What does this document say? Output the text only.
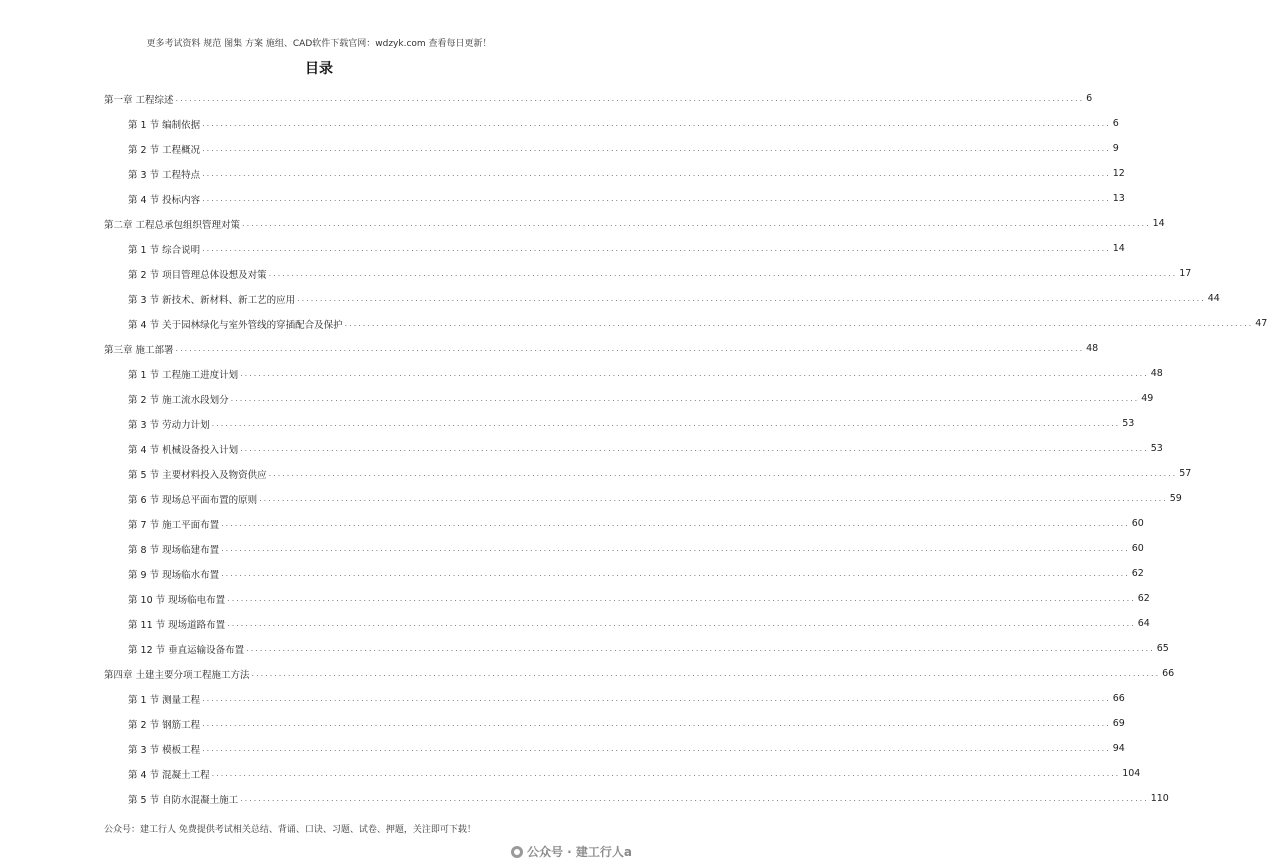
更多考试资料 规范 图集 方案 施组、CAD软件下载官网：wdzyk.com 查看每日更新！
目录
第一章 工程综述 ........................................................................................................................................................................................................ 6
第 1 节 编制依据 ........................................................................................................................................................................................................ 6
第 2 节 工程概况 ........................................................................................................................................................................................................ 9
第 3 节 工程特点 ........................................................................................................................................................................................................ 12
第 4 节 投标内容 ........................................................................................................................................................................................................ 13
第二章 工程总承包组织管理对策 ........................................................................................................................................................................................................ 14
第 1 节 综合说明 ........................................................................................................................................................................................................ 14
第 2 节 项目管理总体设想及对策 ........................................................................................................................................................................................................ 17
第 3 节 新技术、新材料、新工艺的应用 ........................................................................................................................................................................................................ 44
第 4 节 关于园林绿化与室外管线的穿插配合及保护 ........................................................................................................................................................................................................ 47
第三章 施工部署 ........................................................................................................................................................................................................ 48
第 1 节 工程施工进度计划 ........................................................................................................................................................................................................ 48
第 2 节 施工流水段划分 ........................................................................................................................................................................................................ 49
第 3 节 劳动力计划 ........................................................................................................................................................................................................ 53
第 4 节 机械设备投入计划 ........................................................................................................................................................................................................ 53
第 5 节 主要材料投入及物资供应 ........................................................................................................................................................................................................ 57
第 6 节 现场总平面布置的原则 ........................................................................................................................................................................................................ 59
第 7 节 施工平面布置 ........................................................................................................................................................................................................ 60
第 8 节 现场临建布置 ........................................................................................................................................................................................................ 60
第 9 节 现场临水布置 ........................................................................................................................................................................................................ 62
第 10 节 现场临电布置 ........................................................................................................................................................................................................ 62
第 11 节 现场道路布置 ........................................................................................................................................................................................................ 64
第 12 节 垂直运输设备布置 ........................................................................................................................................................................................................ 65
第四章 土建主要分项工程施工方法 ........................................................................................................................................................................................................ 66
第 1 节 测量工程 ........................................................................................................................................................................................................ 66
第 2 节 钢筋工程 ........................................................................................................................................................................................................ 69
第 3 节 模板工程 ........................................................................................................................................................................................................ 94
第 4 节 混凝土工程 ........................................................................................................................................................................................................ 104
第 5 节 自防水混凝土施工 ........................................................................................................................................................................................................ 110
公众号：建工行人 免费提供考试相关总结、背诵、口诀、习题、试卷、押题，关注即可下载！
公众号 · 建工行人a
